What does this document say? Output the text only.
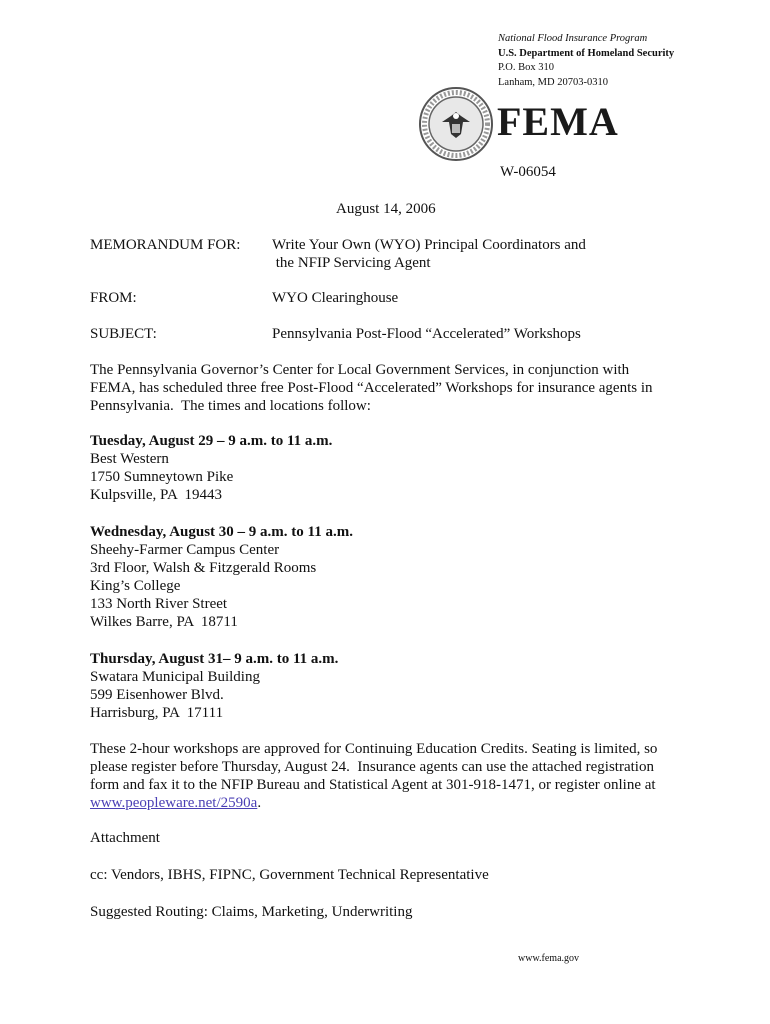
National Flood Insurance Program
U.S. Department of Homeland Security
P.O. Box 310
Lanham, MD 20703-0310
FEMA
W-06054
August 14, 2006
MEMORANDUM FOR: Write Your Own (WYO) Principal Coordinators and
the NFIP Servicing Agent
FROM:	WYO Clearinghouse
SUBJECT:	Pennsylvania Post-Flood “Accelerated” Workshops
The Pennsylvania Governor’s Center for Local Government Services, in conjunction with
FEMA, has scheduled three free Post-Flood “Accelerated” Workshops for insurance agents in
Pennsylvania.  The times and locations follow:
Tuesday, August 29 – 9 a.m. to 11 a.m.
Best Western
1750 Sumneytown Pike
Kulpsville, PA  19443
Wednesday, August 30 – 9 a.m. to 11 a.m.
Sheehy-Farmer Campus Center
3rd Floor, Walsh & Fitzgerald Rooms
King’s College
133 North River Street
Wilkes Barre, PA  18711
Thursday, August 31– 9 a.m. to 11 a.m.
Swatara Municipal Building
599 Eisenhower Blvd.
Harrisburg, PA  17111
These 2-hour workshops are approved for Continuing Education Credits. Seating is limited, so
please register before Thursday, August 24.  Insurance agents can use the attached registration
form and fax it to the NFIP Bureau and Statistical Agent at 301-918-1471, or register online at
www.peopleware.net/2590a.
Attachment
cc: Vendors, IBHS, FIPNC, Government Technical Representative
Suggested Routing: Claims, Marketing, Underwriting
www.fema.gov
